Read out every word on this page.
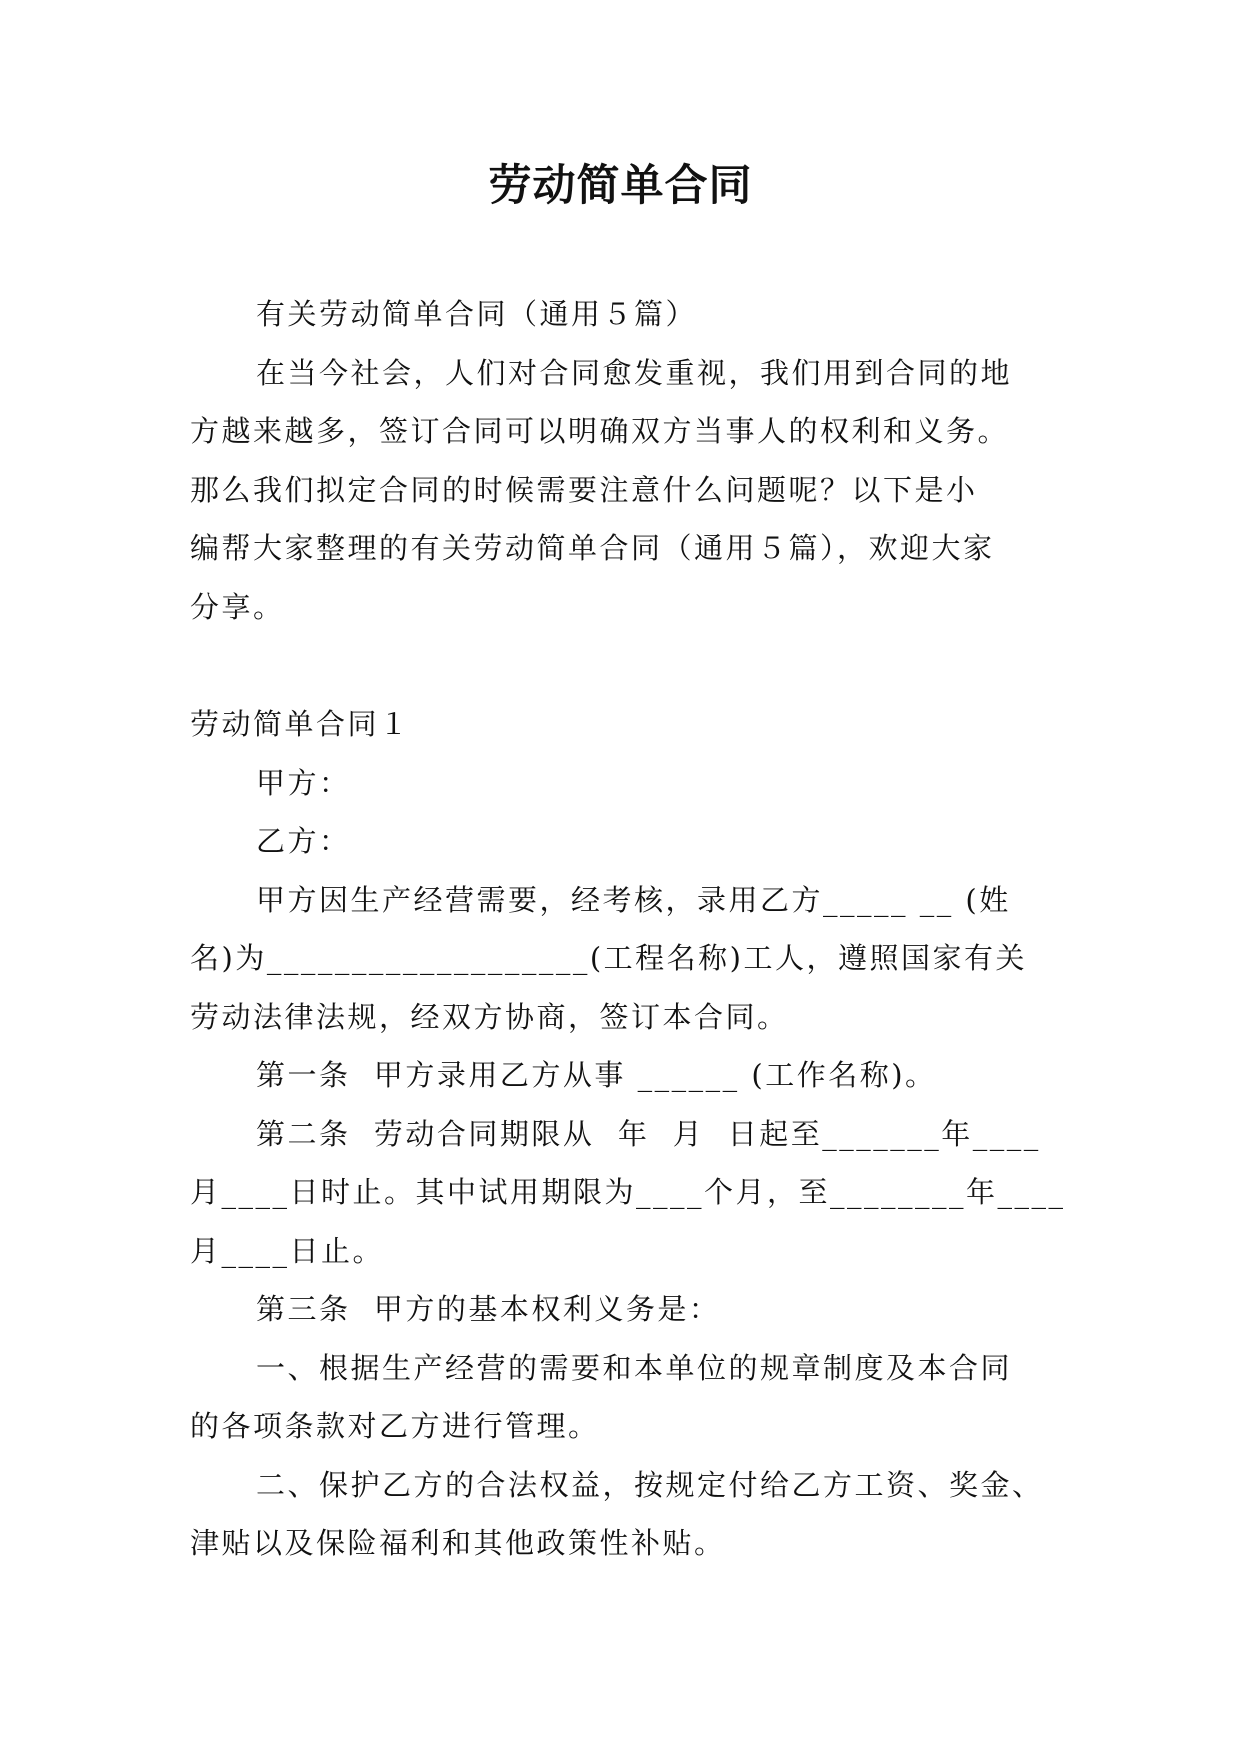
劳动简单合同
有关劳动简单合同（通用５篇）
在当今社会，人们对合同愈发重视，我们用到合同的地
方越来越多，签订合同可以明确双方当事人的权利和义务。
那么我们拟定合同的时候需要注意什么问题呢？以下是小
编帮大家整理的有关劳动简单合同（通用５篇），欢迎大家
分享。
劳动简单合同１
甲方：
乙方：
甲方因生产经营需要，经考核，录用乙方_____ __ (姓
名)为___________________(工程名称)工人，遵照国家有关
劳动法律法规，经双方协商，签订本合同。
第一条  甲方录用乙方从事 ______ (工作名称)。
第二条  劳动合同期限从  年  月  日起至_______年____
月____日时止。其中试用期限为____个月，至________年____
月____日止。
第三条  甲方的基本权利义务是：
一、根据生产经营的需要和本单位的规章制度及本合同
的各项条款对乙方进行管理。
二、保护乙方的合法权益，按规定付给乙方工资、奖金、
津贴以及保险福利和其他政策性补贴。
